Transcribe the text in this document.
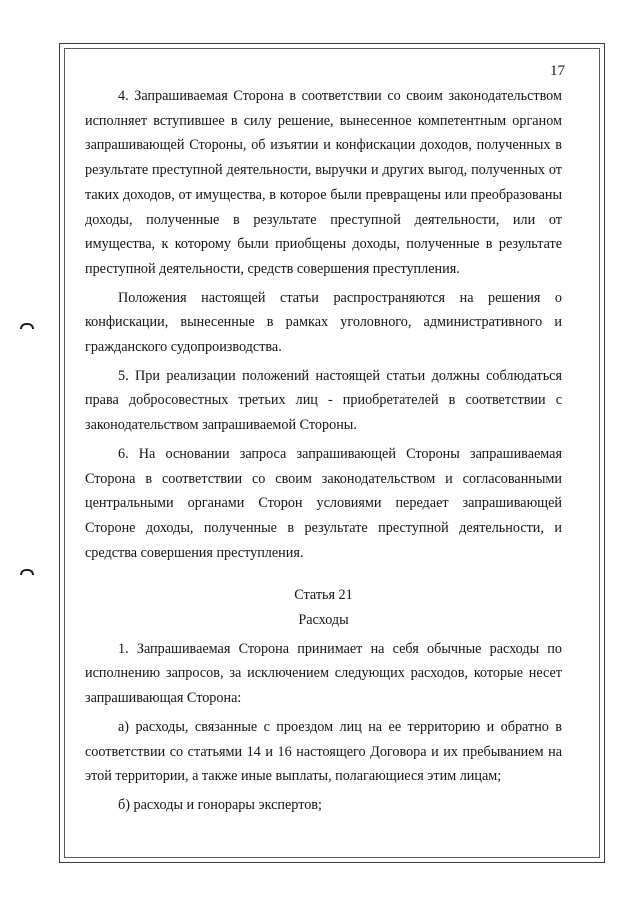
17

4. Запрашиваемая Сторона в соответствии со своим законодательством исполняет вступившее в силу решение, вынесенное компетентным органом запрашивающей Стороны, об изъятии и конфискации доходов, полученных в результате преступной деятельности, выручки и других выгод, полученных от таких доходов, от имущества, в которое были превращены или преобразованы доходы, полученные в результате преступной деятельности, или от имущества, к которому были приобщены доходы, полученные в результате преступной деятельности, средств совершения преступления.

Положения настоящей статьи распространяются на решения о конфискации, вынесенные в рамках уголовного, административного и гражданского судопроизводства.

5. При реализации положений настоящей статьи должны соблюдаться права добросовестных третьих лиц - приобретателей в соответствии с законодательством запрашиваемой Стороны.

6. На основании запроса запрашивающей Стороны запрашиваемая Сторона в соответствии со своим законодательством и согласованными центральными органами Сторон условиями передает запрашивающей Стороне доходы, полученные в результате преступной деятельности, и средства совершения преступления.

Статья 21

Расходы

1. Запрашиваемая Сторона принимает на себя обычные расходы по исполнению запросов, за исключением следующих расходов, которые несет запрашивающая Сторона:

а) расходы, связанные с проездом лиц на ее территорию и обратно в соответствии со статьями 14 и 16 настоящего Договора и их пребыванием на этой территории, а также иные выплаты, полагающиеся этим лицам;

б) расходы и гонорары экспертов;
